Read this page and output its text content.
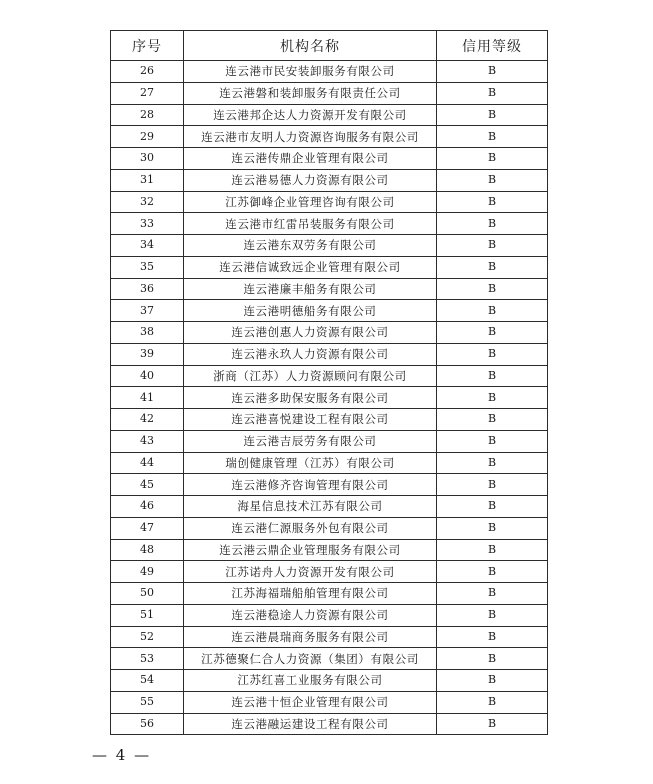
序号	机构名称	信用等级
26	连云港市民安装卸服务有限公司	B
27	连云港磐和装卸服务有限责任公司	B
28	连云港邦企达人力资源开发有限公司	B
29	连云港市友明人力资源咨询服务有限公司	B
30	连云港传鼎企业管理有限公司	B
31	连云港易德人力资源有限公司	B
32	江苏御峰企业管理咨询有限公司	B
33	连云港市红雷吊装服务有限公司	B
34	连云港东双劳务有限公司	B
35	连云港信诚致远企业管理有限公司	B
36	连云港廉丰船务有限公司	B
37	连云港明德船务有限公司	B
38	连云港创惠人力资源有限公司	B
39	连云港永玖人力资源有限公司	B
40	浙商（江苏）人力资源顾问有限公司	B
41	连云港多助保安服务有限公司	B
42	连云港喜悦建设工程有限公司	B
43	连云港吉辰劳务有限公司	B
44	瑞创健康管理（江苏）有限公司	B
45	连云港修齐咨询管理有限公司	B
46	海星信息技术江苏有限公司	B
47	连云港仁源服务外包有限公司	B
48	连云港云鼎企业管理服务有限公司	B
49	江苏诺舟人力资源开发有限公司	B
50	江苏海福瑞船舶管理有限公司	B
51	连云港稳途人力资源有限公司	B
52	连云港晨瑞商务服务有限公司	B
53	江苏德聚仁合人力资源（集团）有限公司	B
54	江苏红喜工业服务有限公司	B
55	连云港十恒企业管理有限公司	B
56	连云港融运建设工程有限公司	B
— 4 —
